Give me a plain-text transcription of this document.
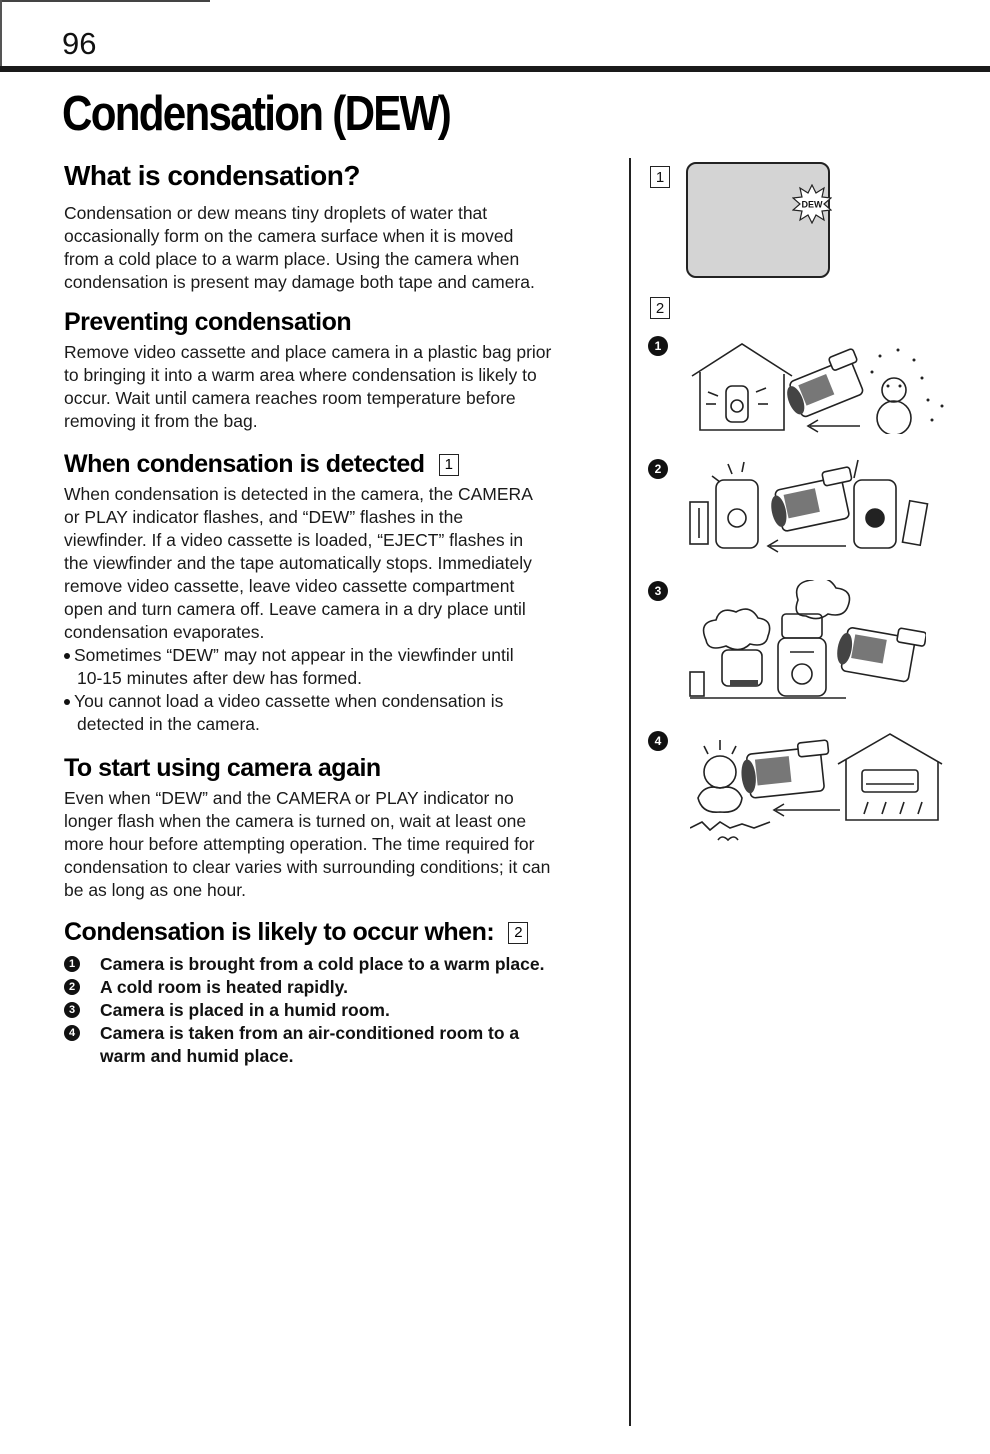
96
Condensation (DEW)
What is condensation?

Condensation or dew means tiny droplets of water that
occasionally form on the camera surface when it is moved
from a cold place to a warm place. Using the camera when
condensation is present may damage both tape and camera.

Preventing condensation

Remove video cassette and place camera in a plastic bag prior
to bringing it into a warm area where condensation is likely to
occur. Wait until camera reaches room temperature before
removing it from the bag.

When condensation is detected	1

When condensation is detected in the camera, the CAMERA
or PLAY indicator flashes, and “DEW” flashes in the
viewfinder. If a video cassette is loaded, “EJECT” flashes in
the viewfinder and the tape automatically stops. Immediately
remove video cassette, leave video cassette compartment
open and turn camera off. Leave camera in a dry place until
condensation evaporates.

Sometimes “DEW” may not appear in the viewfinder until
10-15 minutes after dew has formed.
You cannot load a video cassette when condensation is
detected in the camera.
To start using camera again

Even when “DEW” and the CAMERA or PLAY indicator no
longer flash when the camera is turned on, wait at least one
more hour before attempting operation. The time required for
condensation to clear varies with surrounding conditions; it can
be as long as one hour.

Condensation is likely to occur when:	2
1 Camera is brought from a cold place to a warm place.
2 A cold room is heated rapidly.
3 Camera is placed in a humid room.
4 Camera is taken from an air-conditioned room to a
warm and humid place.
1
DEW
2
1
2
3
4
